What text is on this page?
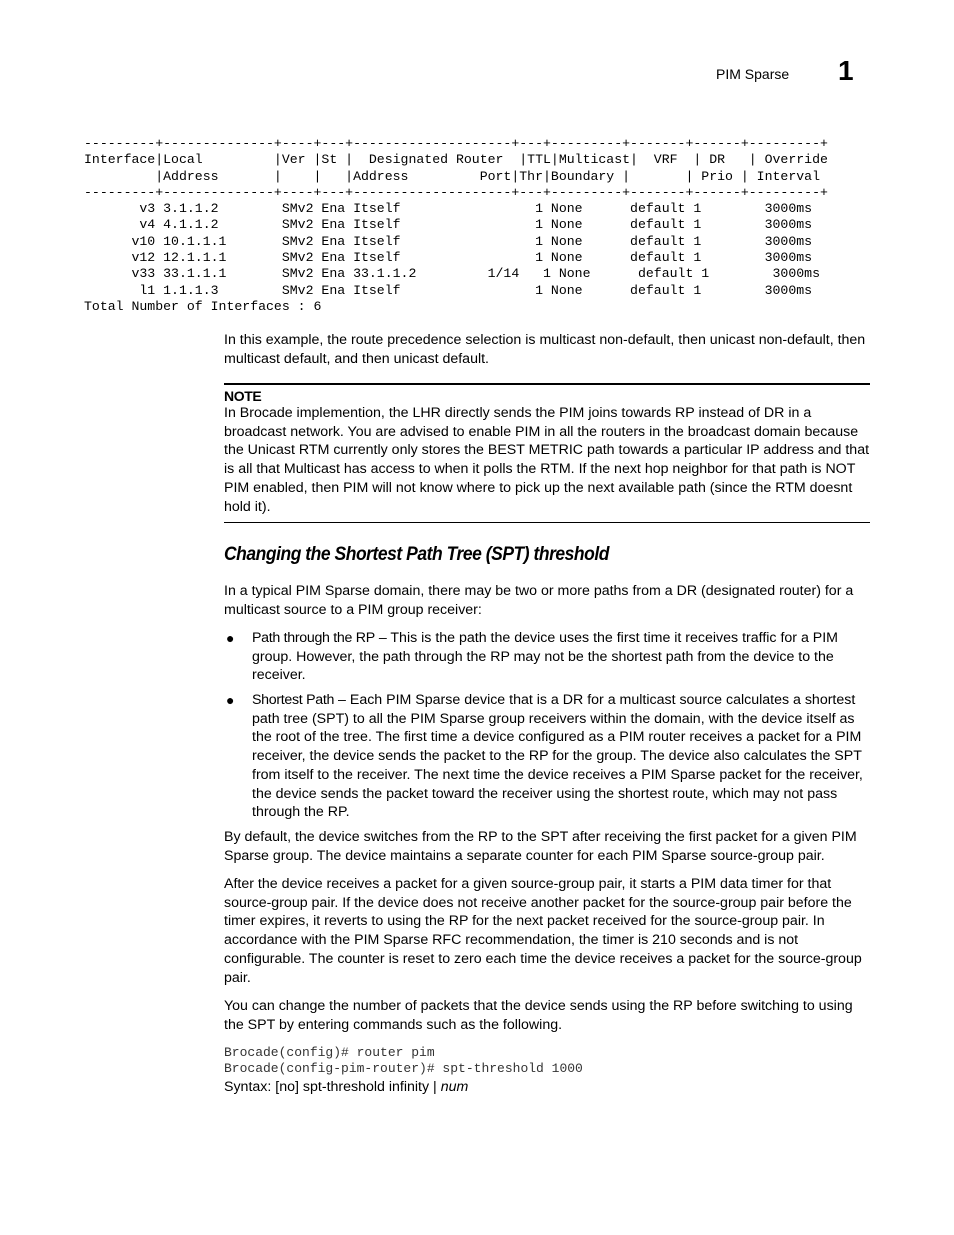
PIM Sparse 1
---------+--------------+----+---+--------------------+---+---------+-------+------+---------+
Interface|Local         |Ver |St |  Designated Router  |TTL|Multicast|  VRF  | DR   | Override
|Address       |    |   |Address         Port|Thr|Boundary |       | Prio | Interval
---------+--------------+----+---+--------------------+---+---------+-------+------+---------+
v3 3.1.1.2        SMv2 Ena Itself                 1 None      default 1        3000ms
v4 4.1.1.2        SMv2 Ena Itself                 1 None      default 1        3000ms
v10 10.1.1.1       SMv2 Ena Itself                 1 None      default 1        3000ms
v12 12.1.1.1       SMv2 Ena Itself                 1 None      default 1        3000ms
v33 33.1.1.1       SMv2 Ena 33.1.1.2         1/14   1 None      default 1        3000ms
l1 1.1.1.3        SMv2 Ena Itself                 1 None      default 1        3000ms
Total Number of Interfaces : 6

In this example, the route precedence selection is multicast non-default, then unicast non-default, then multicast default, and then unicast default.

NOTE

In Brocade implemention, the LHR directly sends the PIM joins towards RP instead of DR in a broadcast network. You are advised to enable PIM in all the routers in the broadcast domain because the Unicast RTM currently only stores the BEST METRIC path towards a particular IP address and that is all that Multicast has access to when it polls the RTM. If the next hop neighbor for that path is NOT PIM enabled, then PIM will not know where to pick up the next available path (since the RTM doesnt hold it).

Changing the Shortest Path Tree (SPT) threshold

In a typical PIM Sparse domain, there may be two or more paths from a DR (designated router) for a multicast source to a PIM group receiver:

● Path through the RP – This is the path the device uses the first time it receives traffic for a PIM group. However, the path through the RP may not be the shortest path from the device to the receiver.

● Shortest Path – Each PIM Sparse device that is a DR for a multicast source calculates a shortest path tree (SPT) to all the PIM Sparse group receivers within the domain, with the device itself as the root of the tree. The first time a device configured as a PIM router receives a packet for a PIM receiver, the device sends the packet to the RP for the group. The device also calculates the SPT from itself to the receiver. The next time the device receives a PIM Sparse packet for the receiver, the device sends the packet toward the receiver using the shortest route, which may not pass through the RP.

By default, the device switches from the RP to the SPT after receiving the first packet for a given PIM Sparse group. The device maintains a separate counter for each PIM Sparse source-group pair.

After the device receives a packet for a given source-group pair, it starts a PIM data timer for that source-group pair. If the device does not receive another packet for the source-group pair before the timer expires, it reverts to using the RP for the next packet received for the source-group pair. In accordance with the PIM Sparse RFC recommendation, the timer is 210 seconds and is not configurable. The counter is reset to zero each time the device receives a packet for the source-group pair.

You can change the number of packets that the device sends using the RP before switching to using the SPT by entering commands such as the following.

Brocade(config)# router pim
Brocade(config-pim-router)# spt-threshold 1000
Syntax: [no] spt-threshold infinity | num
